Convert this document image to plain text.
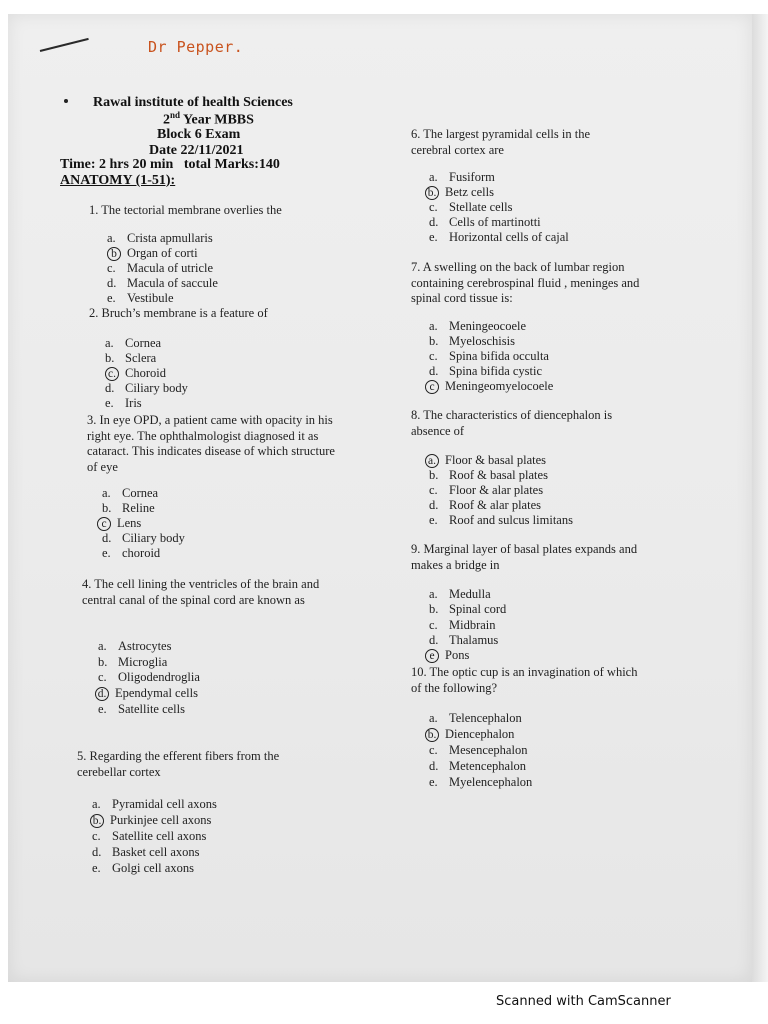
Dr Pepper.
Rawal institute of health Sciences
2nd Year MBBS
Block 6 Exam
Date 22/11/2021
Time: 2 hrs 20 min total Marks:140
ANATOMY (1-51):
1. The tectorial membrane overlies the
a. Crista apmullaris
b Organ of corti
c. Macula of utricle
d. Macula of saccule
e. Vestibule
2. Bruch’s membrane is a feature of
a. Cornea
b. Sclera
c. Choroid
d. Ciliary body
e. Iris
3. In eye OPD, a patient came with opacity in his right eye. The ophthalmologist diagnosed it as cataract. This indicates disease of which structure of eye
a. Cornea
b. Reline
c Lens
d. Ciliary body
e. choroid
4. The cell lining the ventricles of the brain and central canal of the spinal cord are known as
a. Astrocytes
b. Microglia
c. Oligodendroglia
d. Ependymal cells
e. Satellite cells
5. Regarding the efferent fibers from the cerebellar cortex
a. Pyramidal cell axons
b. Purkinjee cell axons
c. Satellite cell axons
d. Basket cell axons
e. Golgi cell axons
6. The largest pyramidal cells in the cerebral cortex are
a. Fusiform
b. Betz cells
c. Stellate cells
d. Cells of martinotti
e. Horizontal cells of cajal
7. A swelling on the back of lumbar region containing cerebrospinal fluid , meninges and spinal cord tissue is:
a. Meningeocoele
b. Myeloschisis
c. Spina bifida occulta
d. Spina bifida cystic
c Meningeomyelocoele
8. The characteristics of diencephalon is absence of
a. Floor & basal plates
b. Roof & basal plates
c. Floor & alar plates
d. Roof & alar plates
e. Roof and sulcus limitans
9. Marginal layer of basal plates expands and makes a bridge in
a. Medulla
b. Spinal cord
c. Midbrain
d. Thalamus
e Pons
10. The optic cup is an invagination of which of the following?
a. Telencephalon
b. Diencephalon
c. Mesencephalon
d. Metencephalon
e. Myelencephalon
Scanned with CamScanner
